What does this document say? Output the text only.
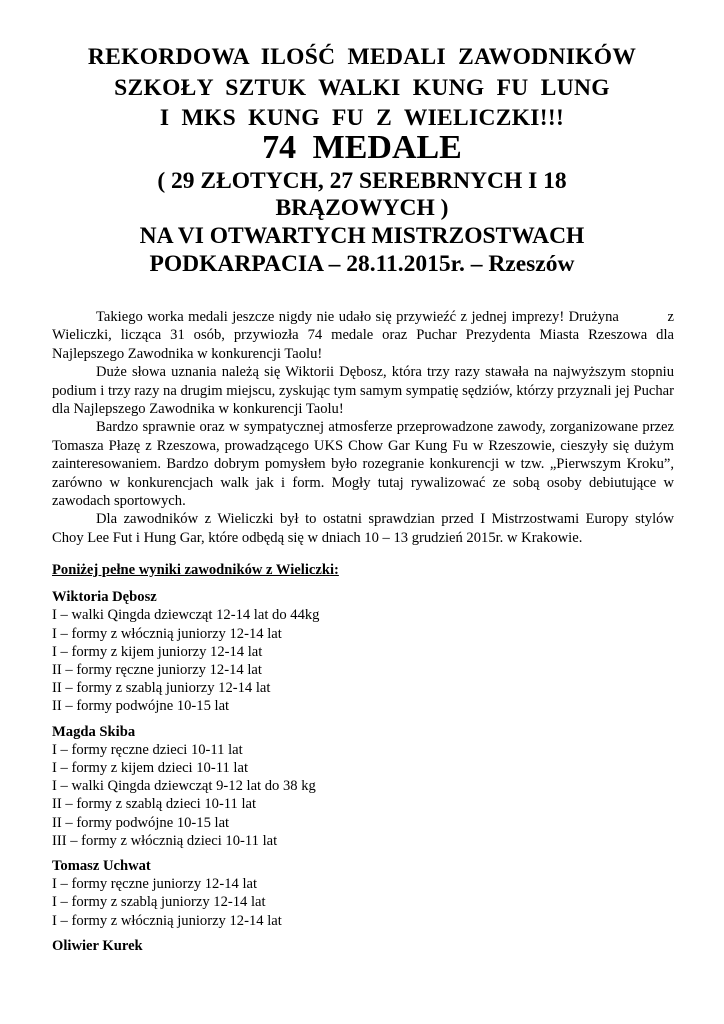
REKORDOWA ILOŚĆ MEDALI ZAWODNIKÓW
SZKOŁY SZTUK WALKI KUNG FU LUNG
I MKS KUNG FU Z WIELICZKI!!!
74 MEDALE
( 29 ZŁOTYCH, 27 SEREBRNYCH I 18
BRĄZOWYCH )
NA VI OTWARTYCH MISTRZOSTWACH
PODKARPACIA – 28.11.2015r. – Rzeszów

Takiego worka medali jeszcze nigdy nie udało się przywieźć z jednej imprezy! Drużyna           z Wieliczki, licząca 31 osób, przywiozła 74 medale oraz Puchar Prezydenta Miasta Rzeszowa dla Najlepszego Zawodnika w konkurencji Taolu!

Duże słowa uznania należą się Wiktorii Dębosz, która trzy razy stawała na najwyższym stopniu podium i trzy razy na drugim miejscu, zyskując tym samym sympatię sędziów, którzy przyznali jej Puchar dla Najlepszego Zawodnika w konkurencji Taolu!

Bardzo sprawnie oraz w sympatycznej atmosferze przeprowadzone zawody, zorganizowane przez Tomasza Płazę z Rzeszowa, prowadzącego UKS Chow Gar Kung Fu w Rzeszowie, cieszyły się dużym zainteresowaniem. Bardzo dobrym pomysłem było rozegranie konkurencji w tzw. „Pierwszym Kroku”, zarówno w konkurencjach walk jak i form. Mogły tutaj rywalizować ze sobą osoby debiutujące w zawodach sportowych.

Dla zawodników z Wieliczki był to ostatni sprawdzian przed I Mistrzostwami Europy stylów Choy Lee Fut i Hung Gar, które odbędą się w dniach 10 – 13 grudzień 2015r. w Krakowie.

Poniżej pełne wyniki zawodników z Wieliczki:

Wiktoria Dębosz

I – walki Qingda dziewcząt 12-14 lat do 44kg

I – formy z włócznią juniorzy 12-14 lat

I – formy z kijem juniorzy 12-14 lat

II – formy ręczne juniorzy 12-14 lat

II – formy z szablą juniorzy 12-14 lat

II – formy podwójne 10-15 lat

Magda Skiba

I – formy ręczne dzieci 10-11 lat

I – formy z kijem dzieci 10-11 lat

I – walki Qingda dziewcząt 9-12 lat do 38 kg

II – formy z szablą dzieci 10-11 lat

II – formy podwójne 10-15 lat

III – formy z włócznią dzieci 10-11 lat

Tomasz Uchwat

I – formy ręczne juniorzy 12-14 lat

I – formy z szablą juniorzy 12-14 lat

I – formy z włócznią juniorzy 12-14 lat

Oliwier Kurek
